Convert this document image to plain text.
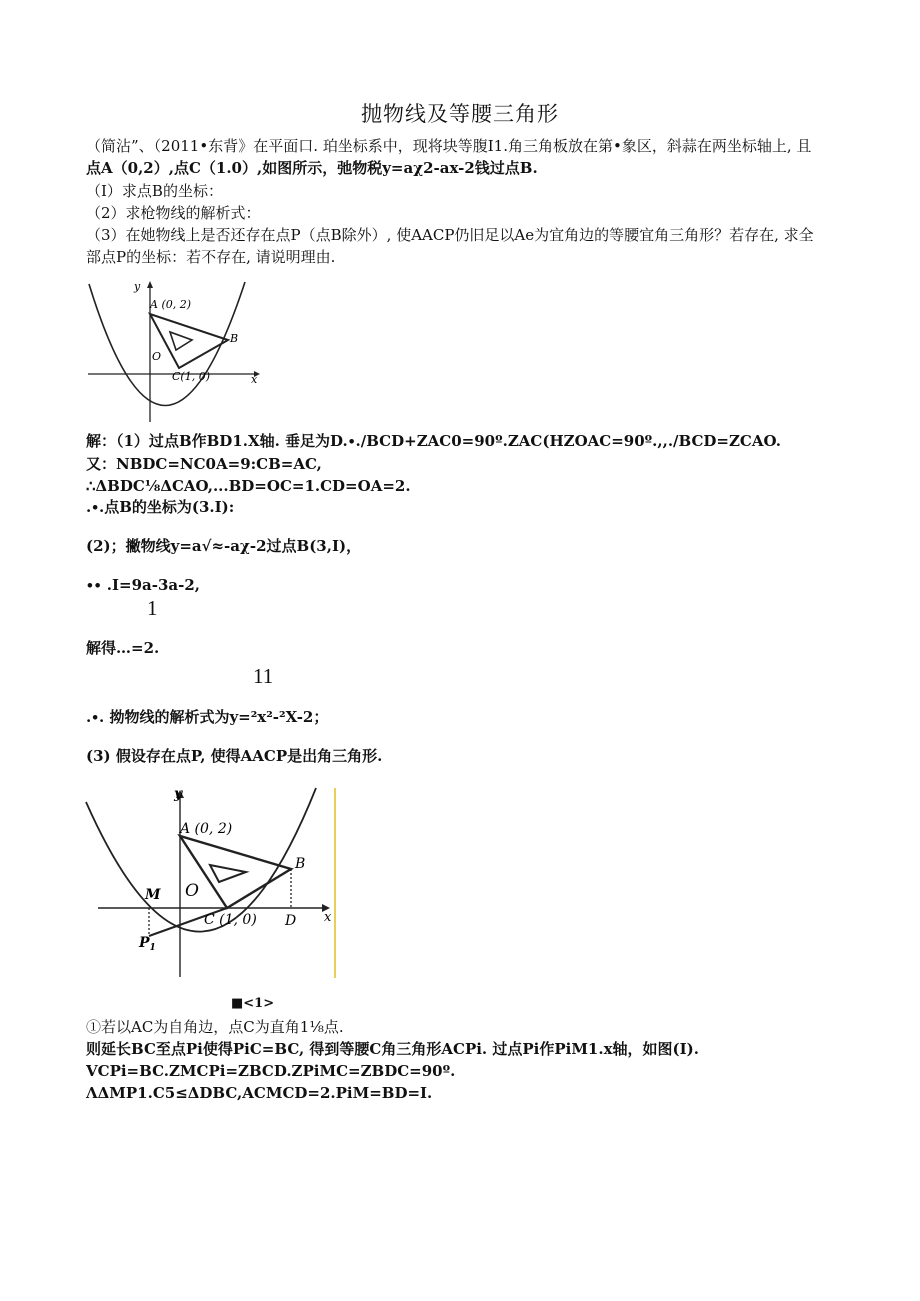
抛物线及等腰三角形
（简沾”、（2011•东背》在平面口. 珀坐标系中，现将块等腹I1.角三角板放在第•象区，斜蒜在两坐标轴上, 且
点A（0,2）,点C（1.0）,如图所示，弛物税y=aχ2-ax-2钱过点B.
（I）求点B的坐标：
（2）求枪物线的解析式：
（3）在她物线上是否还存在点P（点B除外）, 使AACP仍旧足以Ae为宜角边的等腰宜角三角形？若存在, 求全
部点P的坐标：若不存在, 请说明理由.
y
x
A (0, 2)
B
O
C(1, 0)
解：（1）过点B作BD1.X轴. 垂足为D.∙.∕BCD+ZAC0=90º.ZAC(HZOAC=90º.,,./BCD=ZCAO.
又：NBDC=NC0A=9:CB=AC,
∴ΔBDC⅛ΔCAO,...BD=OC=1.CD=OA=2.
.∙.点B的坐标为(3.I):
(2)；撇物线y=a√≈-aχ-2过点B(3,I)，
∙∙ .I=9a-3a-2,
1
解得…=2.
11
.∙. 拗物线的解析式为y=²x²-²X-2；
(3) 假设存在点P, 使得AACP是岀角三角形.
y
x
A (0, 2)
B
M O
C (1, 0) D
$P_1$
■<1>
①若以AC为自角边，点C为直角1⅛点.
则延长BC至点Pi使得PiC=BC, 得到等腰C角三角形ACPi. 过点Pi作PiM1.x轴，如图(I).
VCPi=BC.ZMCPi=ZBCD.ZPiMC=ZBDC=90º.
ΛΔMP1.C5≤ΔDBC,ACMCD=2.PiM=BD=I.
